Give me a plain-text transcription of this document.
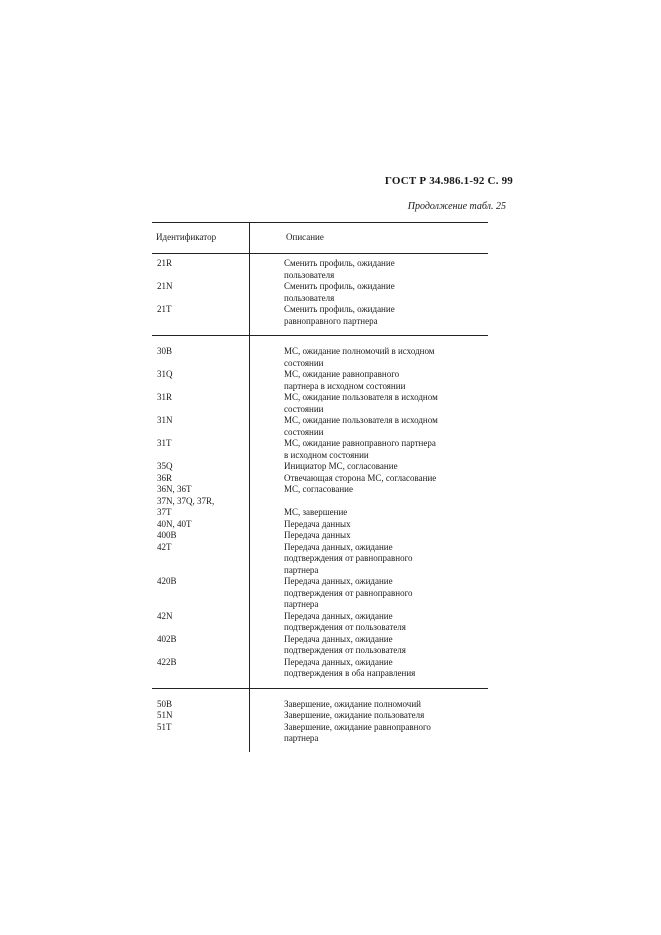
ГОСТ Р 34.986.1-92 С. 99
Продолжение табл. 25
Идентификатор	Описание
21R	Сменить профиль, ожидание
пользователя
21N	Сменить профиль, ожидание
пользователя
21T	Сменить профиль, ожидание
равноправного партнера
30B	МС, ожидание полномочий в исходном
состоянии
31Q	МС, ожидание равноправного
партнера в исходном состоянии
31R	МС, ожидание пользователя в исходном
состоянии
31N	МС, ожидание пользователя в исходном
состоянии
31T	МС, ожидание равноправного партнера
в исходном состоянии
35Q	Инициатор МС, согласование
36R	Отвечающая сторона МС, согласование
36N, 36T	МС, согласование
37N, 37Q, 37R,
37T	МС, завершение
40N, 40T	Передача данных
400B	Передача данных
42T	Передача данных, ожидание
подтверждения от равноправного
партнера
420B	Передача данных, ожидание
подтверждения от равноправного
партнера
42N	Передача данных, ожидание
подтверждения от пользователя
402B	Передача данных, ожидание
подтверждения от пользователя
422B	Передача данных, ожидание
подтверждения в оба направления
50B	Завершение, ожидание полномочий
51N	Завершение, ожидание пользователя
51T	Завершение, ожидание равноправного
партнера
